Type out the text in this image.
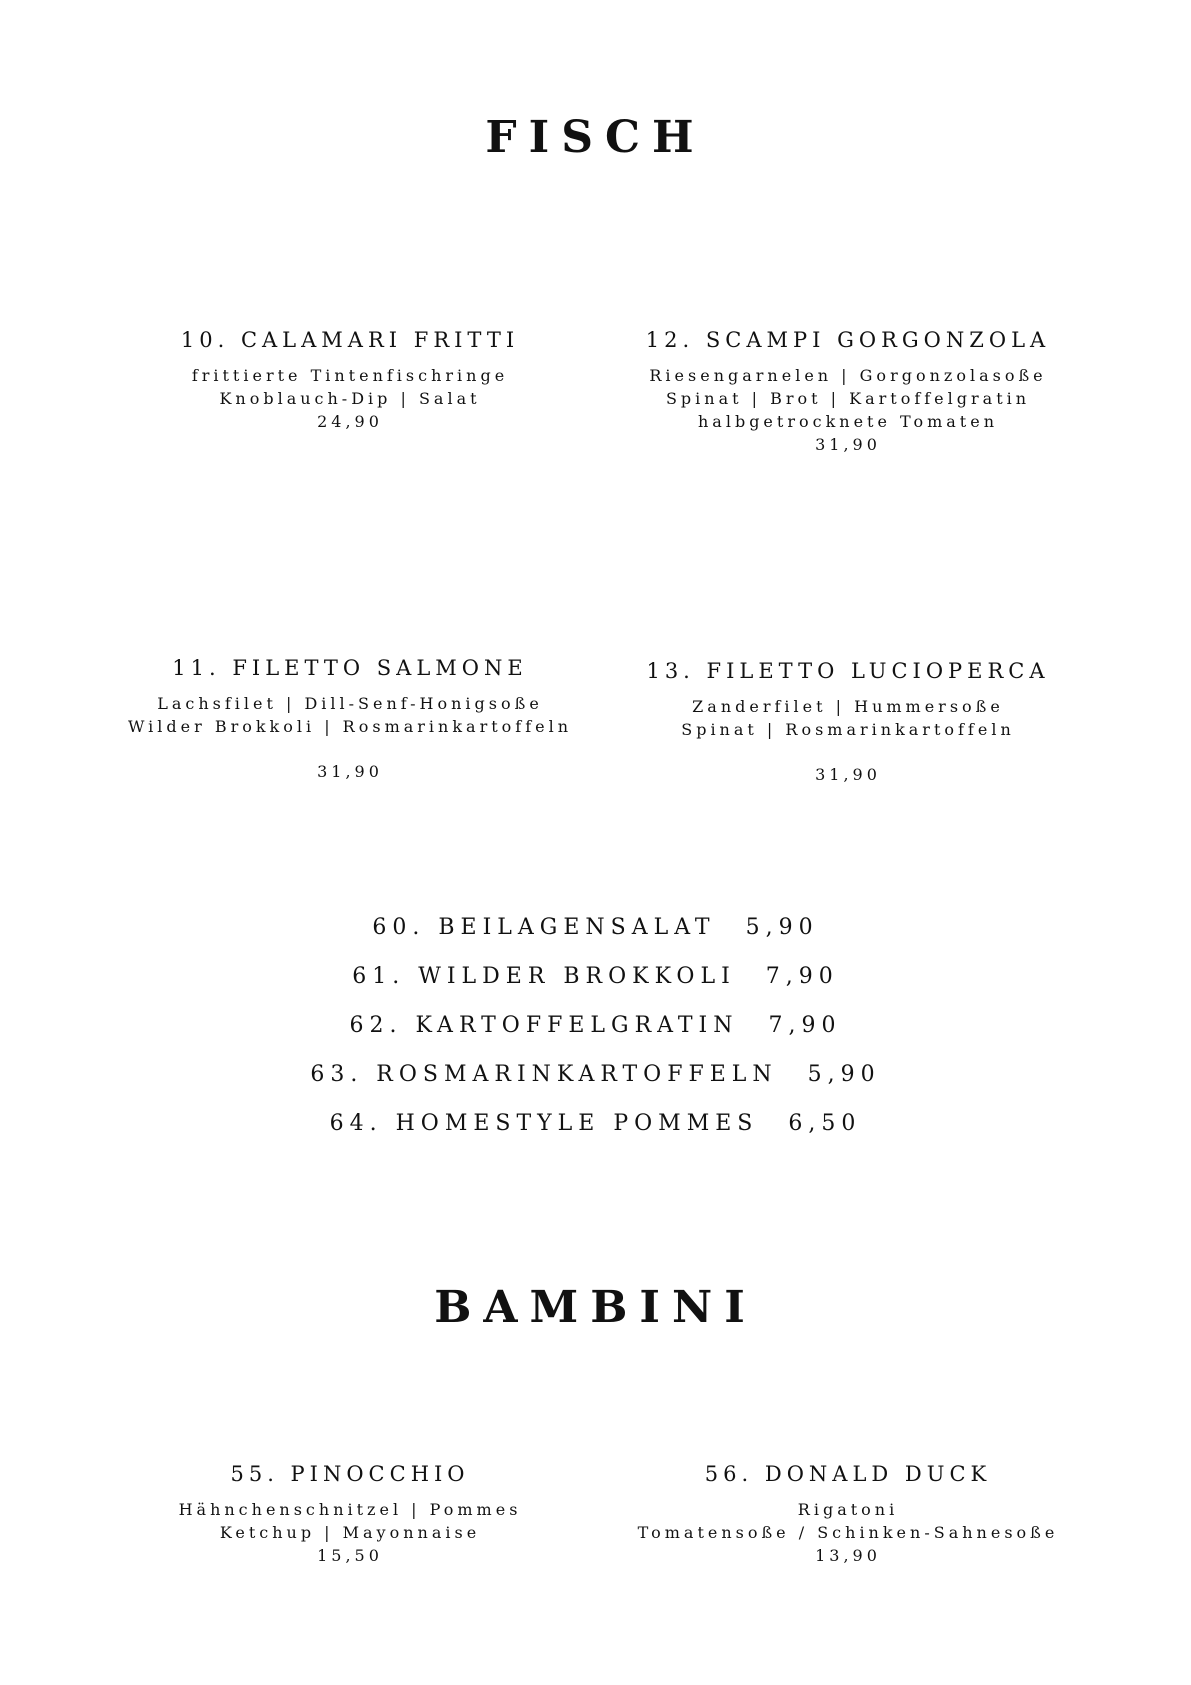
FISCH
10. CALAMARI FRITTI

frittierte Tintenfischringe

Knoblauch-Dip | Salat

24,90

12. SCAMPI GORGONZOLA

Riesengarnelen | Gorgonzolasoße

Spinat | Brot | Kartoffelgratin

halbgetrocknete Tomaten

31,90

11. FILETTO SALMONE

Lachsfilet | Dill-Senf-Honigsoße

Wilder Brokkoli | Rosmarinkartoffeln

31,90

13. FILETTO LUCIOPERCA

Zanderfilet | Hummersoße

Spinat | Rosmarinkartoffeln

31,90

60. BEILAGENSALAT 5,90
61. WILDER BROKKOLI 7,90
62. KARTOFFELGRATIN 7,90
63. ROSMARINKARTOFFELN 5,90
64. HOMESTYLE POMMES 6,50
BAMBINI
55. PINOCCHIO

Hähnchenschnitzel | Pommes

Ketchup | Mayonnaise

15,50

56. DONALD DUCK

Rigatoni

Tomatensoße / Schinken-Sahnesoße

13,90
